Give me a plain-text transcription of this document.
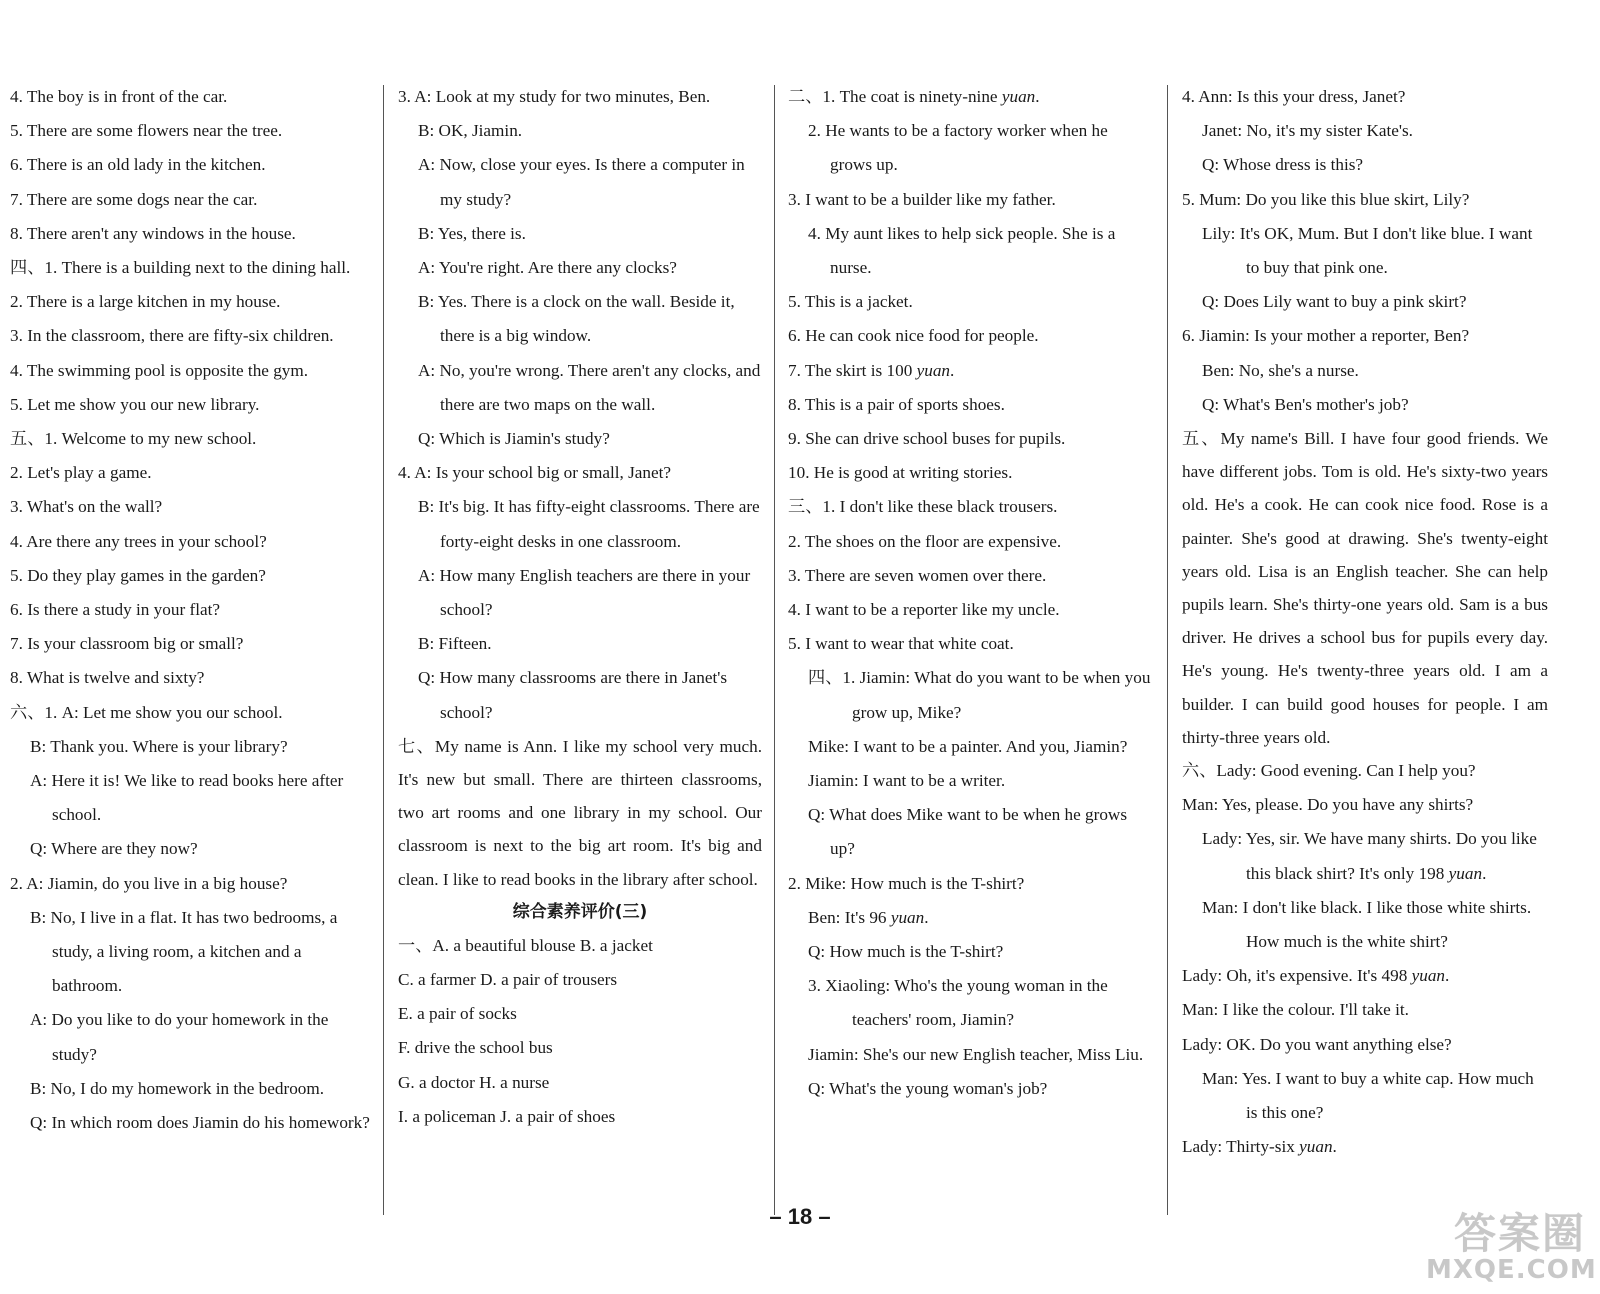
4. The boy is in front of the car.
5. There are some flowers near the tree.
6. There is an old lady in the kitchen.
7. There are some dogs near the car.
8. There aren't any windows in the house.
四、1. There is a building next to the dining hall.
2. There is a large kitchen in my house.
3. In the classroom, there are fifty-six children.
4. The swimming pool is opposite the gym.
5. Let me show you our new library.
五、1. Welcome to my new school.
2. Let's play a game.
3. What's on the wall?
4. Are there any trees in your school?
5. Do they play games in the garden?
6. Is there a study in your flat?
7. Is your classroom big or small?
8. What is twelve and sixty?
六、1. A: Let me show you our school.
B: Thank you. Where is your library?
A: Here it is! We like to read books here after school.
Q: Where are they now?
2. A: Jiamin, do you live in a big house?
B: No, I live in a flat. It has two bedrooms, a study, a living room, a kitchen and a bathroom.
A: Do you like to do your homework in the study?
B: No, I do my homework in the bedroom.
Q: In which room does Jiamin do his homework?
3. A: Look at my study for two minutes, Ben.
B: OK, Jiamin.
A: Now, close your eyes. Is there a computer in my study?
B: Yes, there is.
A: You're right. Are there any clocks?
B: Yes. There is a clock on the wall. Beside it, there is a big window.
A: No, you're wrong. There aren't any clocks, and there are two maps on the wall.
Q: Which is Jiamin's study?
4. A: Is your school big or small, Janet?
B: It's big. It has fifty-eight classrooms. There are forty-eight desks in one classroom.
A: How many English teachers are there in your school?
B: Fifteen.
Q: How many classrooms are there in Janet's school?
七、My name is Ann. I like my school very much. It's new but small. There are thirteen classrooms, two art rooms and one library in my school. Our classroom is next to the big art room. It's big and clean. I like to read books in the library after school.
综合素养评价(三)
一、A. a beautiful blouse B. a jacket
C. a farmer D. a pair of trousers
E. a pair of socks
F. drive the school bus
G. a doctor H. a nurse
I. a policeman J. a pair of shoes
二、1. The coat is ninety-nine yuan.
2. He wants to be a factory worker when he grows up.
3. I want to be a builder like my father.
4. My aunt likes to help sick people. She is a nurse.
5. This is a jacket.
6. He can cook nice food for people.
7. The skirt is 100 yuan.
8. This is a pair of sports shoes.
9. She can drive school buses for pupils.
10. He is good at writing stories.
三、1. I don't like these black trousers.
2. The shoes on the floor are expensive.
3. There are seven women over there.
4. I want to be a reporter like my uncle.
5. I want to wear that white coat.
四、1. Jiamin: What do you want to be when you grow up, Mike?
Mike: I want to be a painter. And you, Jiamin?
Jiamin: I want to be a writer.
Q: What does Mike want to be when he grows up?
2. Mike: How much is the T-shirt?
Ben: It's 96 yuan.
Q: How much is the T-shirt?
3. Xiaoling: Who's the young woman in the teachers' room, Jiamin?
Jiamin: She's our new English teacher, Miss Liu.
Q: What's the young woman's job?
4. Ann: Is this your dress, Janet?
Janet: No, it's my sister Kate's.
Q: Whose dress is this?
5. Mum: Do you like this blue skirt, Lily?
Lily: It's OK, Mum. But I don't like blue. I want to buy that pink one.
Q: Does Lily want to buy a pink skirt?
6. Jiamin: Is your mother a reporter, Ben?
Ben: No, she's a nurse.
Q: What's Ben's mother's job?
五、My name's Bill. I have four good friends. We have different jobs. Tom is old. He's sixty-two years old. He's a cook. He can cook nice food. Rose is a painter. She's good at drawing. She's twenty-eight years old. Lisa is an English teacher. She can help pupils learn. She's thirty-one years old. Sam is a bus driver. He drives a school bus for pupils every day. He's young. He's twenty-three years old. I am a builder. I can build good houses for people. I am thirty-three years old.
六、Lady: Good evening. Can I help you?
Man: Yes, please. Do you have any shirts?
Lady: Yes, sir. We have many shirts. Do you like this black shirt? It's only 198 yuan.
Man: I don't like black. I like those white shirts. How much is the white shirt?
Lady: Oh, it's expensive. It's 498 yuan.
Man: I like the colour. I'll take it.
Lady: OK. Do you want anything else?
Man: Yes. I want to buy a white cap. How much is this one?
Lady: Thirty-six yuan.
– 18 –	答案圈
MXQE.COM
